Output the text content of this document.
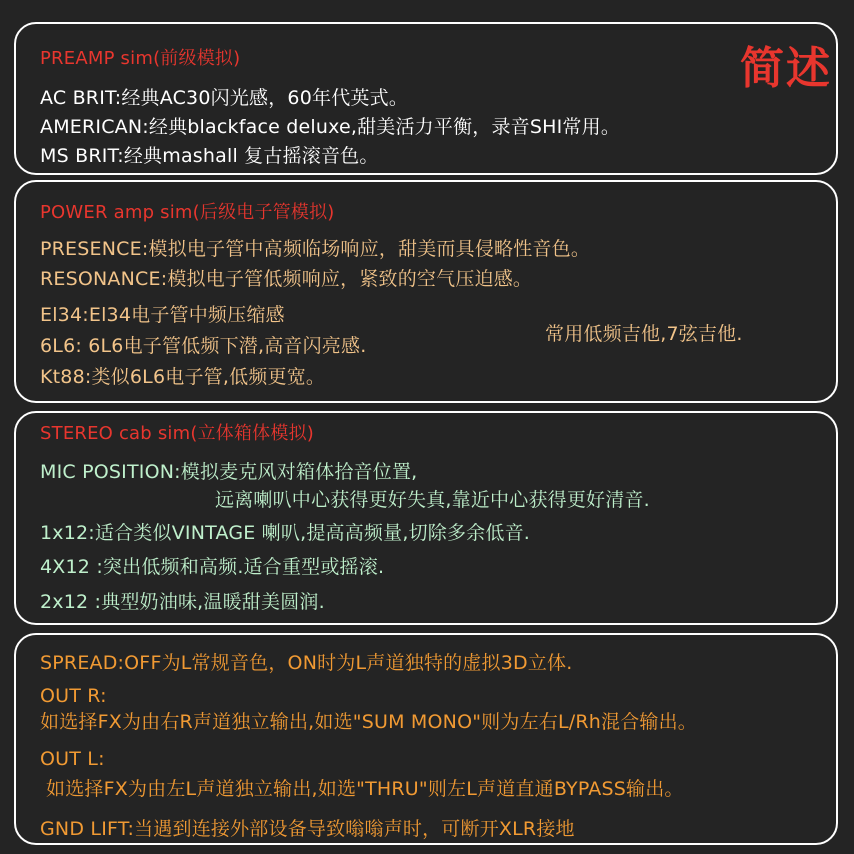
PREAMP sim(前级模拟)	简述
AC BRIT:经典AC30闪光感，60年代英式。
AMERICAN:经典blackface deluxe,甜美活力平衡，录音SHI常用。
MS BRIT:经典mashall 复古摇滚音色。
POWER amp sim(后级电子管模拟)
PRESENCE:模拟电子管中高频临场响应，甜美而具侵略性音色。
RESONANCE:模拟电子管低频响应，紧致的空气压迫感。
El34:El34电子管中频压缩感
6L6: 6L6电子管低频下潜,高音闪亮感.
Kt88:类似6L6电子管,低频更宽。
常用低频吉他,7弦吉他.
STEREO cab sim(立体箱体模拟)
MIC POSITION:模拟麦克风对箱体拾音位置,
远离喇叭中心获得更好失真,靠近中心获得更好清音.
1x12:适合类似VINTAGE 喇叭,提高高频量,切除多余低音.
4X12 :突出低频和高频.适合重型或摇滚.
2x12 :典型奶油味,温暖甜美圆润.
SPREAD:OFF为L常规音色，ON时为L声道独特的虚拟3D立体.
OUT R:
如选择FX为由右R声道独立输出,如选"SUM MONO"则为左右L/Rh混合输出。
OUT L:
如选择FX为由左L声道独立输出,如选"THRU"则左L声道直通BYPASS输出。
GND LIFT:当遇到连接外部设备导致嗡嗡声时，可断开XLR接地
